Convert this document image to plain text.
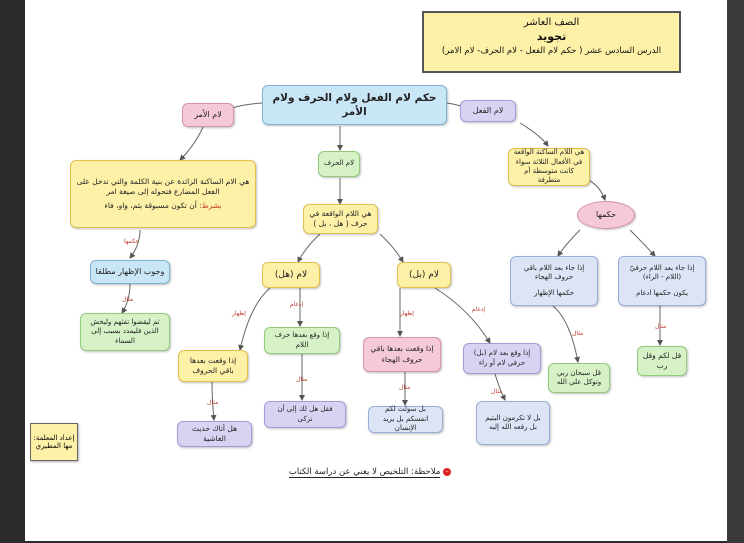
الصف العاشر
تجويد
الدرس السادس عشر ( حكم لام الفعل - لام الحرف- لام الامر)
حكم لام الفعل ولام الحرف ولام الأمر
لام الأمر
هي الام الساكنة الزائدة عن بنية الكلمة والتي تدخل على الفعل المضارع فتحوله إلى صيغة امر
بشرط: أن تكون مسبوقة بثم، واو، فاء
حكمها
وجوب الإظهار مطلقا
مثال
ثم ليقضوا تفثهم وليخش الذين فليمدد بسبب إلى السماء
لام الحرف
هي اللام الواقعة في حرف ( هل ، بل )
لام (هل)
إظهار
إذا وقعت بعدها باقي الحروف
مثال
هل أتاك حديث الغاشية
إدغام
إذا وقع بعدها حرف اللام
مثال
فقل هل لك إلى أن تزكى
لام (بل)
إظهار
إذا وقعت بعدها باقي حروف الهجاء
مثال
بل سولت لكم انفسكم بل يريد الإنسان
إدغام
إذا وقع بعد لام (بل) حرفي لام أو راء
مثال
بل لا تكرمون اليتيم بل رفعه الله إليه
لام الفعل
هي اللام الساكنة الواقعة في الأفعال الثلاثة سواء كانت متوسطة أم متطرفة
حكمها
إذا جاء بعد اللام باقي حروف الهجاء
حكمها الإظهار
مثال
قل سبحان ربي وتوكل على الله
إذا جاء بعد اللام حرفيّ (اللام - الراء)
يكون حكمها ادغام
مثال
قل لكم وقل رب
إعداد المعلمة:
مها المطيري
– ملاحظة: التلخيص لا يغني عن دراسة الكتاب
